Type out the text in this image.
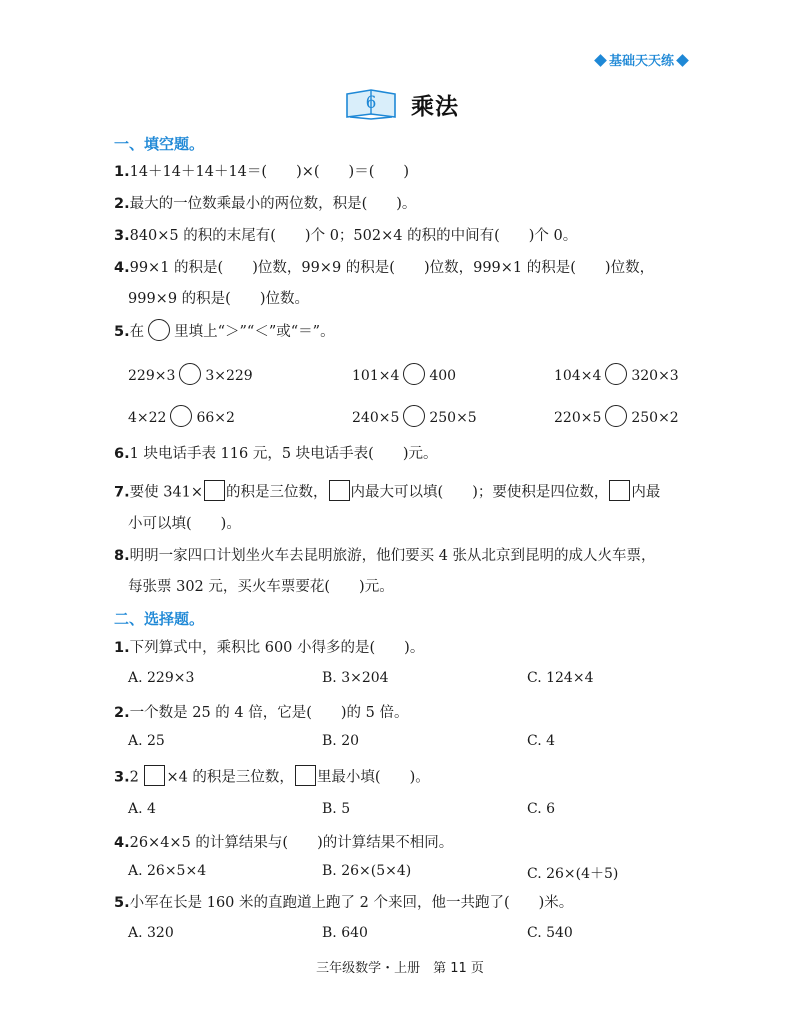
基础天天练
6 乘法
一、填空题。
1.14＋14＋14＋14＝(　　)×(　　)＝(　　)
2.最大的一位数乘最小的两位数，积是(　　)。
3.840×5 的积的末尾有(　　)个 0；502×4 的积的中间有(　　)个 0。
4.99×1 的积是(　　)位数，99×9 的积是(　　)位数，999×1 的积是(　　)位数，
999×9 的积是(　　)位数。
5.在 里填上“＞”“＜”或“＝”。
229×3 3×229	101×4 400	104×4 320×3
4×22 66×2	240×5 250×5	220×5 250×2
6.1 块电话手表 116 元，5 块电话手表(　　)元。
7.要使 341× 的积是三位数， 内最大可以填(　　)；要使积是四位数， 内最
小可以填(　　)。
8.明明一家四口计划坐火车去昆明旅游，他们要买 4 张从北京到昆明的成人火车票，
每张票 302 元，买火车票要花(　　)元。
二、选择题。
1.下列算式中，乘积比 600 小得多的是(　　)。
A. 229×3	B. 3×204	C. 124×4
2.一个数是 25 的 4 倍，它是(　　)的 5 倍。
A. 25	B. 20	C. 4
3.2 ×4 的积是三位数， 里最小填(　　)。
A. 4	B. 5	C. 6
4.26×4×5 的计算结果与(　　)的计算结果不相同。
A. 26×5×4	B. 26×(5×4)	C. 26×(4＋5)
5.小军在长是 160 米的直跑道上跑了 2 个来回，他一共跑了(　　)米。
A. 320	B. 640	C. 540
三年级数学・上册　第 11 页
